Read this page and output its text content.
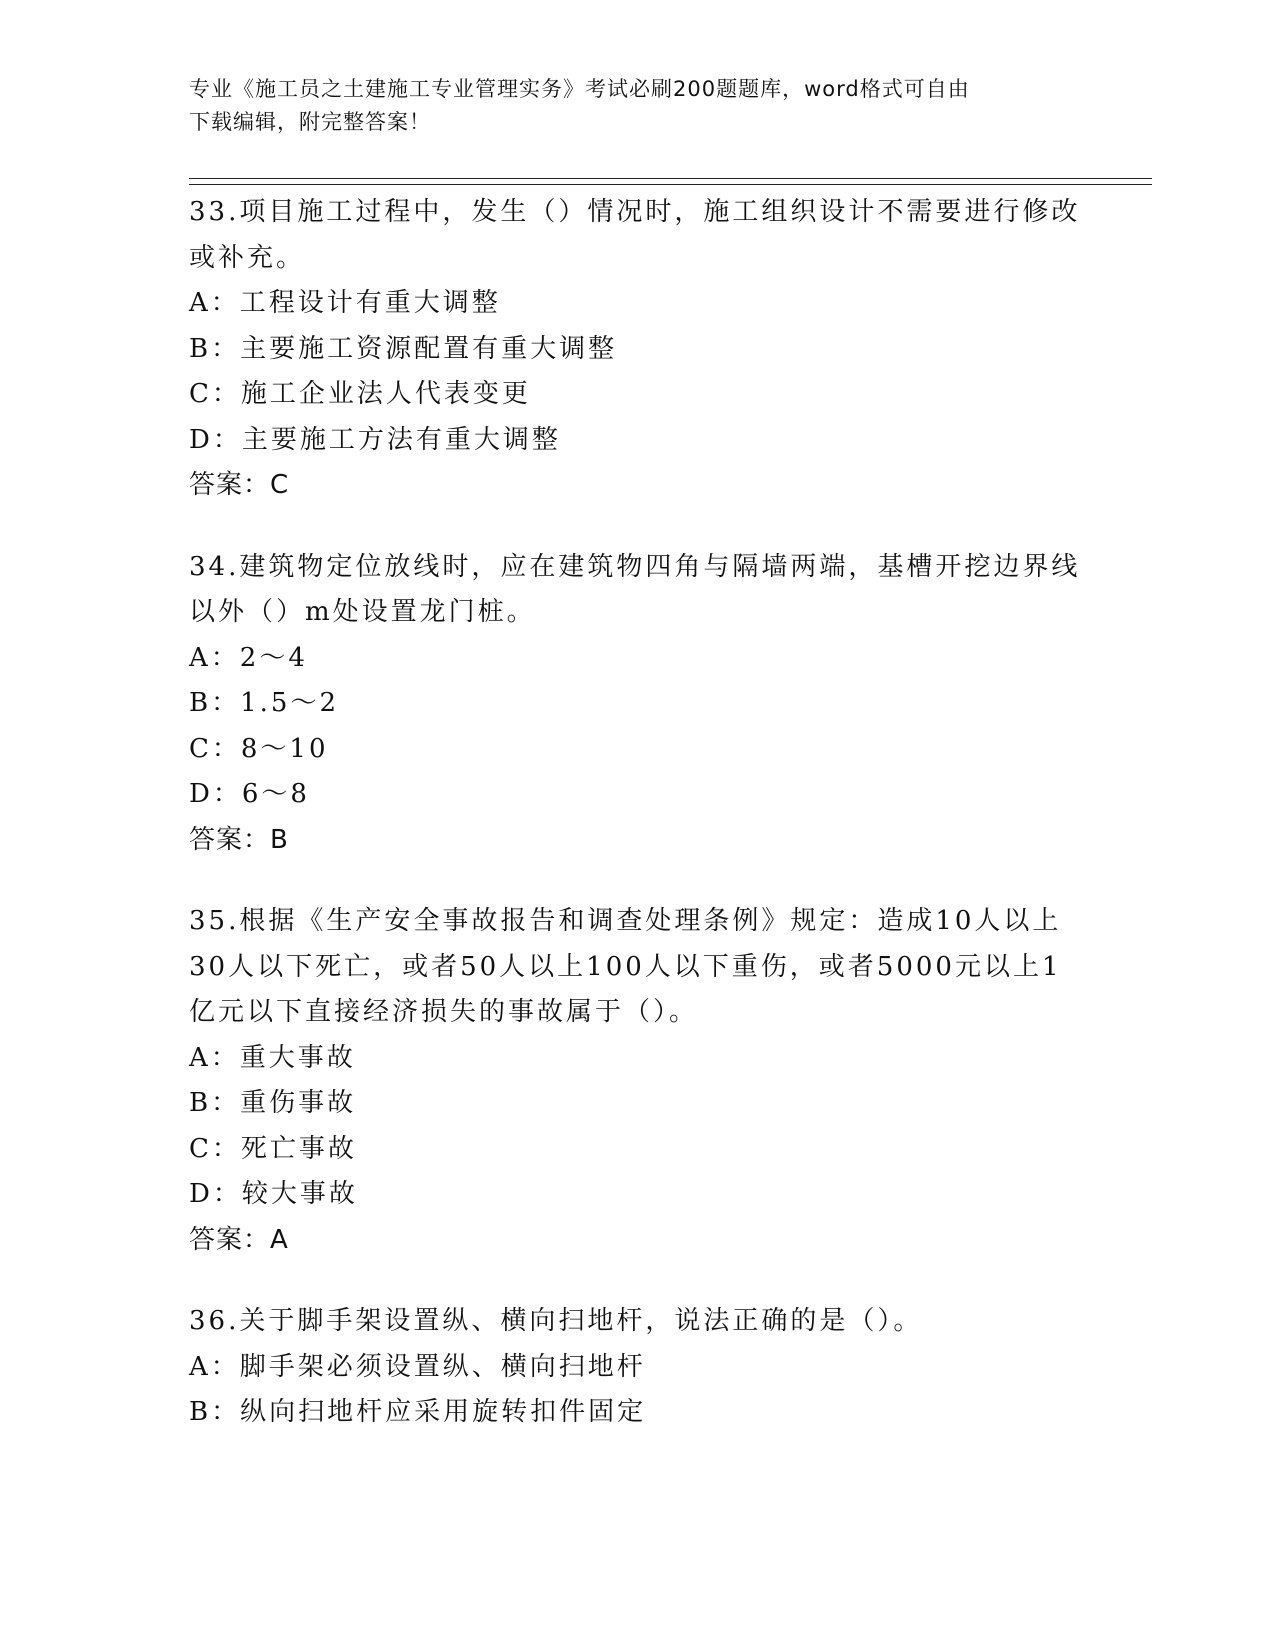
专业《施工员之土建施工专业管理实务》考试必刷200题题库，word格式可自由
下载编辑，附完整答案！
33.项目施工过程中，发生（）情况时，施工组织设计不需要进行修改
或补充。
A：工程设计有重大调整
B：主要施工资源配置有重大调整
C：施工企业法人代表变更
D：主要施工方法有重大调整
答案：C
34.建筑物定位放线时，应在建筑物四角与隔墙两端，基槽开挖边界线
以外（）m处设置龙门桩。
A：2～4
B：1.5～2
C：8～10
D：6～8
答案：B
35.根据《生产安全事故报告和调查处理条例》规定：造成10人以上
30人以下死亡，或者50人以上100人以下重伤，或者5000元以上1
亿元以下直接经济损失的事故属于（）。
A：重大事故
B：重伤事故
C：死亡事故
D：较大事故
答案：A
36.关于脚手架设置纵、横向扫地杆，说法正确的是（）。
A：脚手架必须设置纵、横向扫地杆
B：纵向扫地杆应采用旋转扣件固定
